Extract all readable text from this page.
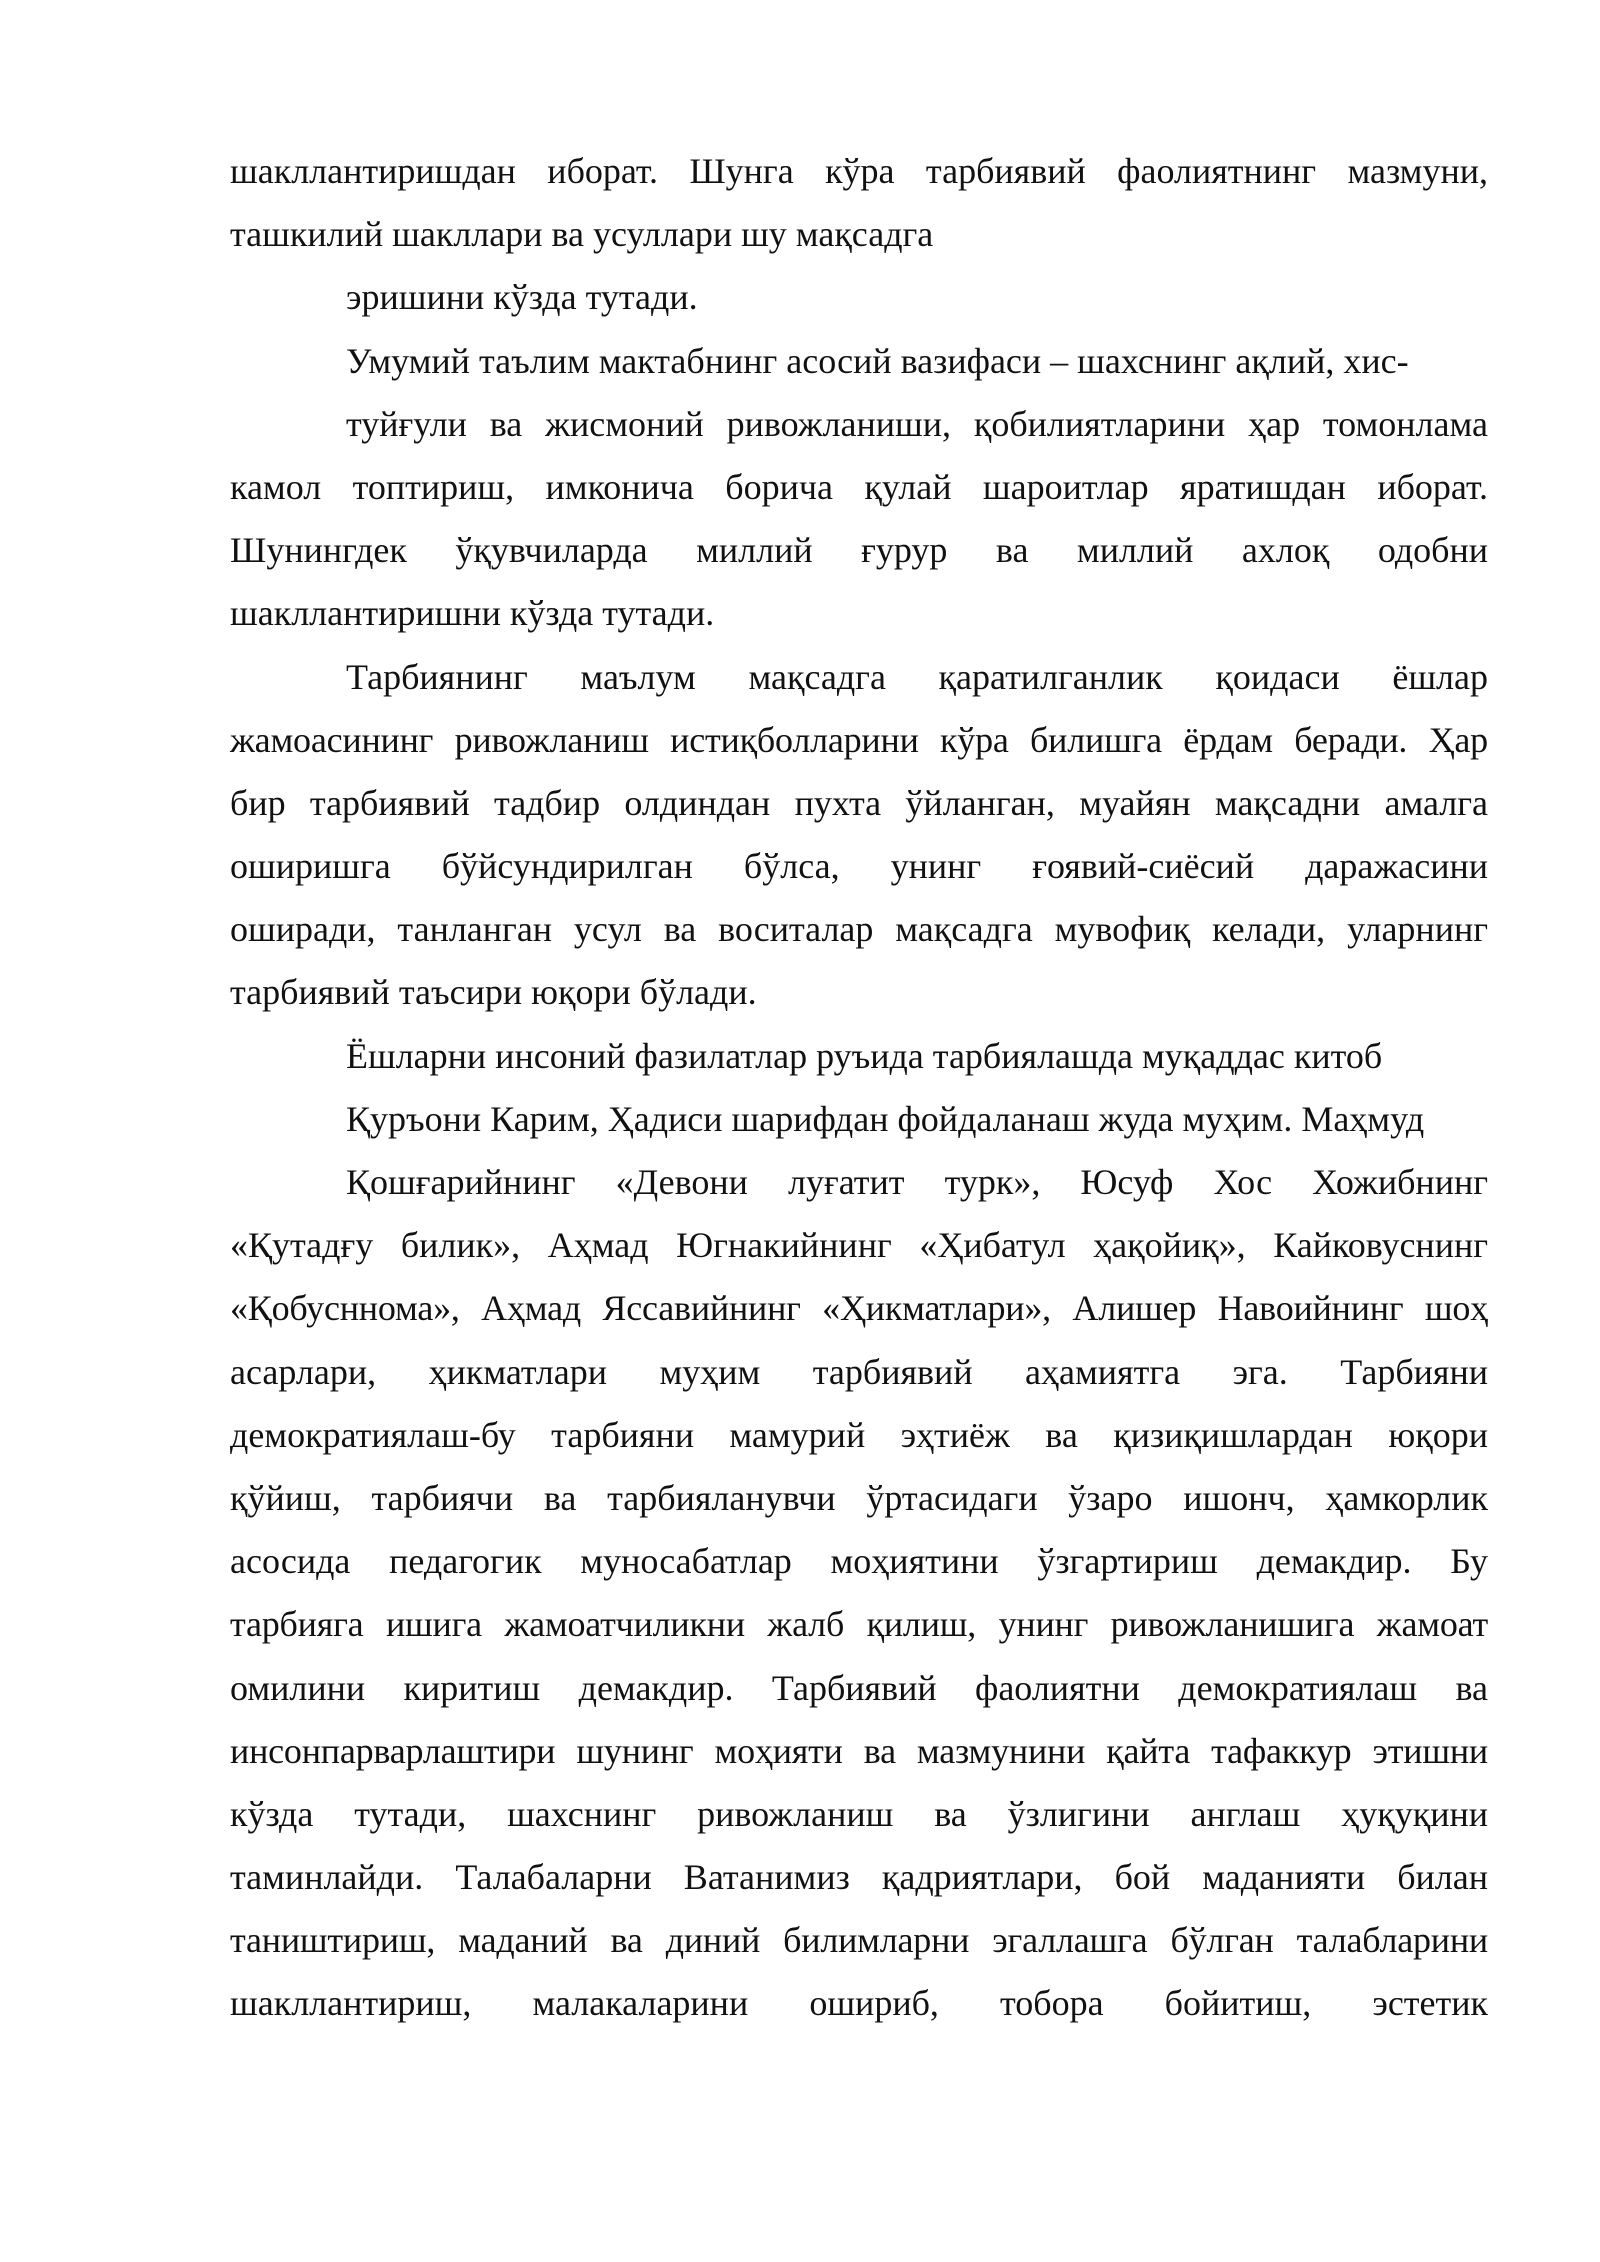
шакллантиришдан иборат. Шунга кўра тарбиявий фаолиятнинг мазмуни,
ташкилий шакллари ва усуллари шу мақсадга
эришини кўзда тутади.
Умумий таълим мактабнинг асосий вазифаси – шахснинг ақлий, хис-
туйғули ва жисмоний ривожланиши, қобилиятларини ҳар томонлама
камол топтириш, имконича борича қулай шароитлар яратишдан иборат.
Шунингдек ўқувчиларда миллий ғурур ва миллий ахлоқ одобни
шакллантиришни кўзда тутади.
Тарбиянинг маълум мақсадга қаратилганлик қоидаси ёшлар
жамоасининг ривожланиш истиқболларини кўра билишга ёрдам беради. Ҳар
бир тарбиявий тадбир олдиндан пухта ўйланган, муайян мақсадни амалга
оширишга бўйсундирилган бўлса, унинг ғоявий-сиёсий даражасини
оширади, танланган усул ва воситалар мақсадга мувофиқ келади, уларнинг
тарбиявий таъсири юқори бўлади.
Ёшларни инсоний фазилатлар руъида тарбиялашда муқаддас китоб
Қуръони Карим, Ҳадиси шарифдан фойдаланаш жуда муҳим. Маҳмуд
Қошғарийнинг «Девони луғатит турк», Юсуф Хос Хожибнинг
«Қутадғу билик», Аҳмад Югнакийнинг «Ҳибатул ҳақойиқ», Кайковуснинг
«Қобусннома», Аҳмад Яссавийнинг «Ҳикматлари», Алишер Навоийнинг шоҳ
асарлари, ҳикматлари муҳим тарбиявий аҳамиятга эга. Тарбияни
демократиялаш-бу тарбияни мамурий эҳтиёж ва қизиқишлардан юқори
қўйиш, тарбиячи ва тарбияланувчи ўртасидаги ўзаро ишонч, ҳамкорлик
асосида педагогик муносабатлар моҳиятини ўзгартириш демакдир. Бу
тарбияга ишига жамоатчиликни жалб қилиш, унинг ривожланишига жамоат
омилини киритиш демакдир. Тарбиявий фаолиятни демократиялаш ва
инсонпарварлаштири шунинг моҳияти ва мазмунини қайта тафаккур этишни
кўзда тутади, шахснинг ривожланиш ва ўзлигини англаш ҳуқуқини
таминлайди. Талабаларни Ватанимиз қадриятлари, бой маданияти билан
таништириш, маданий ва диний билимларни эгаллашга бўлган талабларини
шакллантириш, малакаларини ошириб, тобора бойитиш, эстетик
